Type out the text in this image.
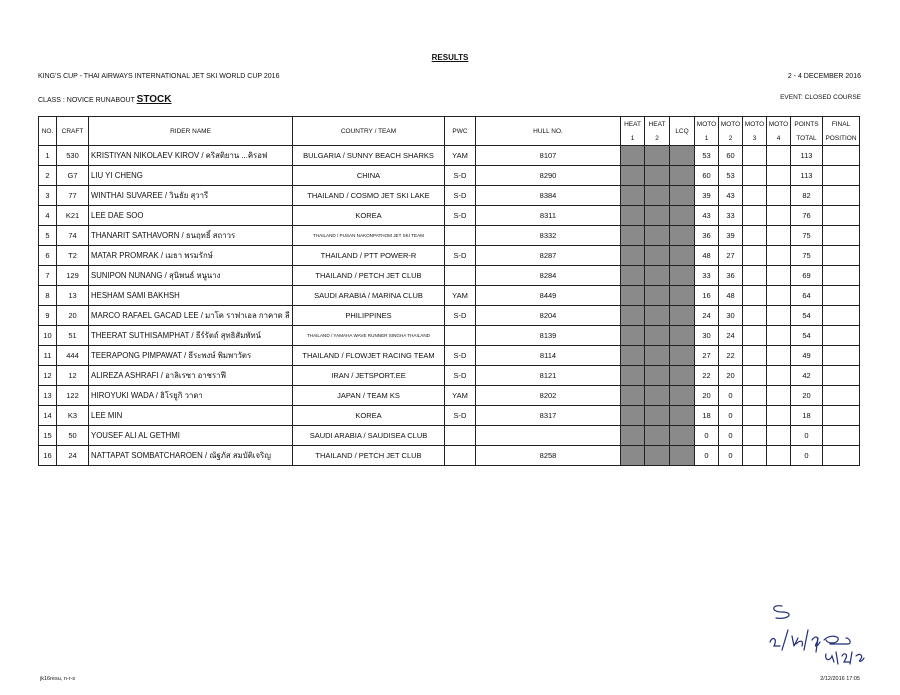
RESULTS
KING'S CUP - THAI AIRWAYS INTERNATIONAL JET SKI WORLD CUP 2016	2 - 4 DECEMBER 2016
CLASS : NOVICE RUNABOUT STOCK	EVENT: CLOSED COURSE
NO.	CRAFT	RIDER NAME	COUNTRY / TEAM	PWC	HULL NO.	HEAT	HEAT	LCQ	MOTO	MOTO	MOTO	MOTO	POINTS	FINAL
						1	2		1	2	3	4	TOTAL	POSITION
1	530	KRISTIYAN NIKOLAEV KIROV / คริสติยาน ...คิรอฟ	BULGARIA / SUNNY BEACH SHARKS	YAM	8107				53	60			113	
2	G7	LIU YI CHENG	CHINA	S-D	8290				60	53			113	
3	77	WINTHAI SUVAREE / วินธัย สุวารี	THAILAND / COSMO JET SKI LAKE	S-D	8384				39	43			82	
4	K21	LEE DAE SOO	KOREA	S-D	8311				43	33			76	
5	74	THANARIT SATHAVORN / ธนฤทธิ์ สถาวร	THAILAND / PUSAN NAKONPATHOM JET SKI TEAM		8332				36	39			75	
6	T2	MATAR PROMRAK / เมธา พรมรักษ์	THAILAND / PTT POWER-R	S-D	8287				48	27			75	
7	129	SUNIPON NUNANG / สุนิพนธ์ หนูนาง	THAILAND / PETCH JET CLUB		8284				33	36			69	
8	13	HESHAM SAMI BAKHSH	SAUDI ARABIA / MARINA CLUB	YAM	8449				16	48			64	
9	20	MARCO RAFAEL GACAD LEE / มาโค ราฟาเอล กาคาด ลี	PHILIPPINES	S-D	8204				24	30			54	
10	51	THEERAT SUTHISAMPHAT / ธีร์รัตถ์ สุทธิสัมพัทน์	THAILAND / YAMAHA WAVE RUNNER SINGHA THAILAND		8139				30	24			54	
11	444	TEERAPONG PIMPAWAT / ธีระพงษ์ พิมพาวัตร	THAILAND / FLOWJET RACING TEAM	S-D	8114				27	22			49	
12	12	ALIREZA ASHRAFI / อาลิเรซา อาชราฟี	IRAN / JETSPORT.EE	S-D	8121				22	20			42	
13	122	HIROYUKI WADA / ฮิโรยูกิ วาดา	JAPAN / TEAM KS	YAM	8202				20	0			20	
14	K3	LEE MIN	KOREA	S-D	8317				18	0			18	
15	50	YOUSEF ALI AL GETHMI	SAUDI ARABIA / SAUDISEA CLUB						0	0			0	
16	24	NATTAPAT SOMBATCHAROEN / ณัฐภัส สมบัติเจริญ	THAILAND / PETCH JET CLUB		8258				0	0			0	
jk16resu, n-r-s	2/12/2016 17:05
